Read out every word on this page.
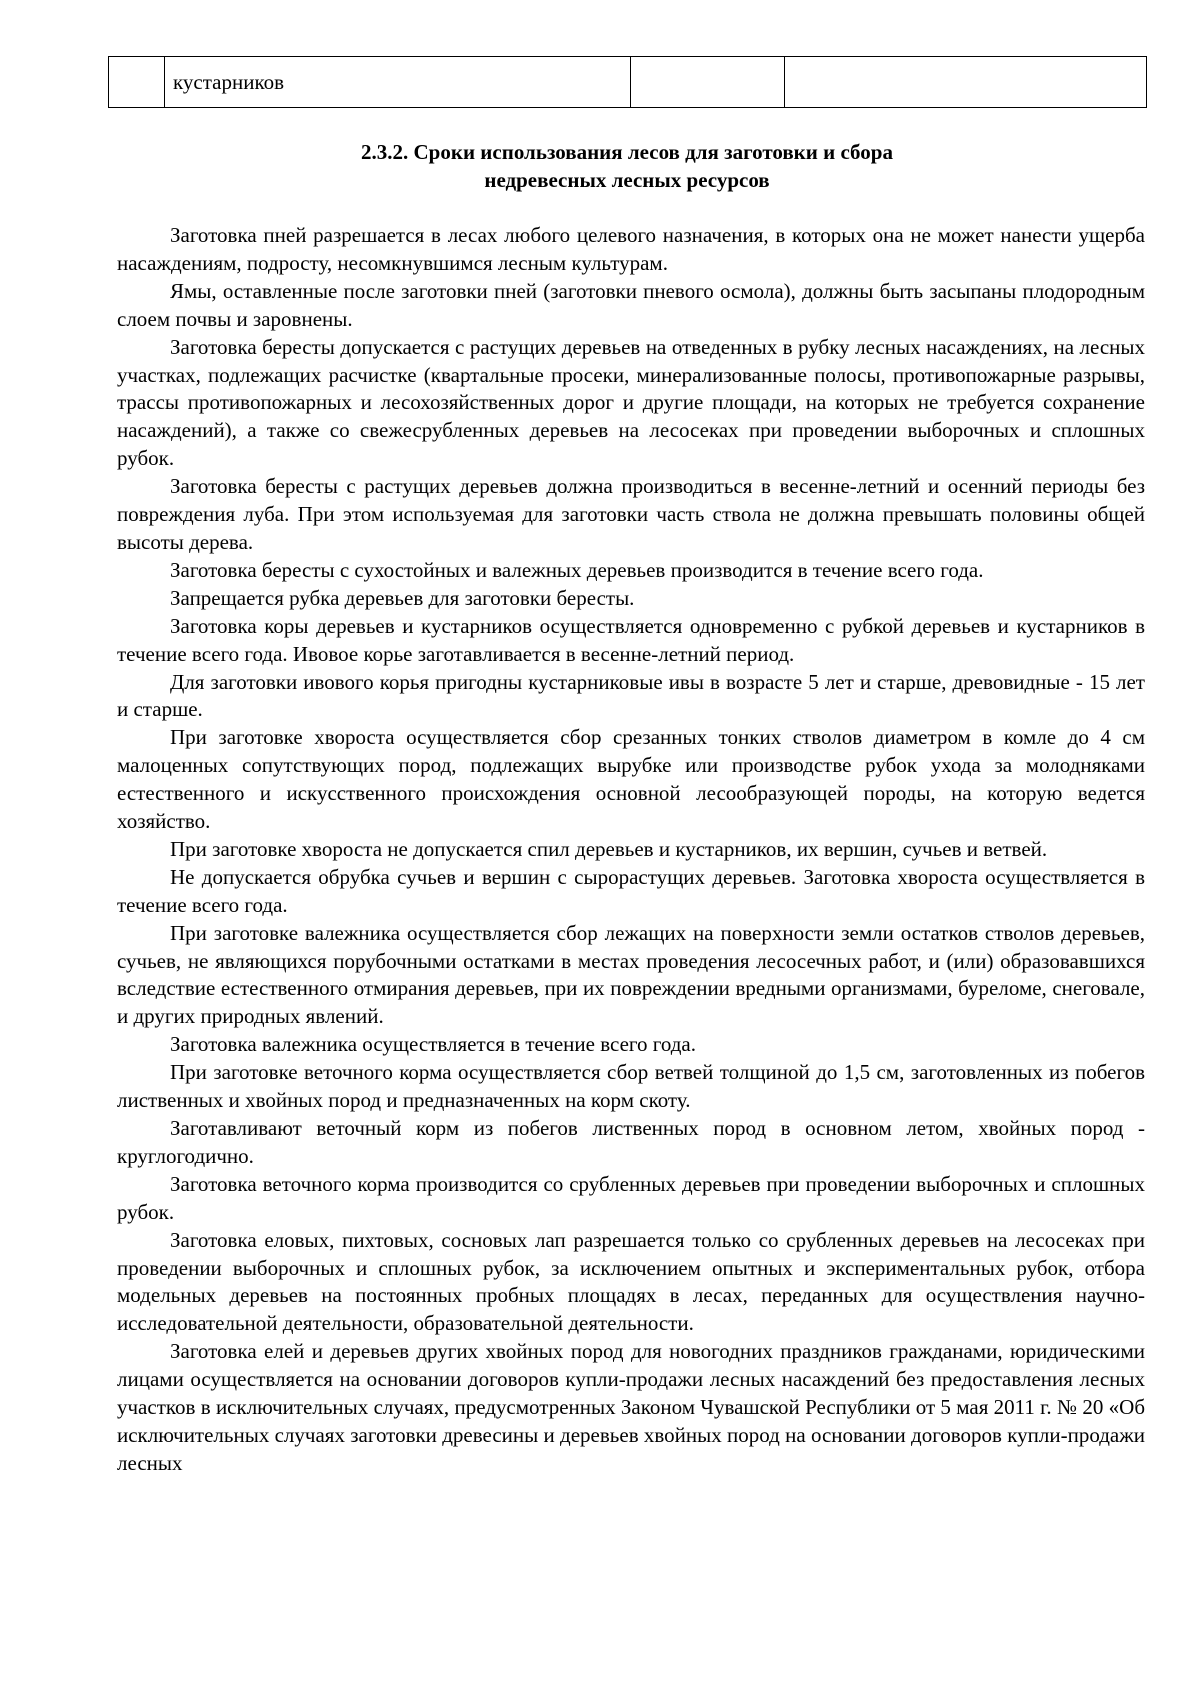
	кустарников		
2.3.2. Сроки использования лесов для заготовки и сбора
недревесных лесных ресурсов

Заготовка пней разрешается в лесах любого целевого назначения, в которых она не может нанести ущерба насаждениям, подросту, несомкнувшимся лесным культурам.

Ямы, оставленные после заготовки пней (заготовки пневого осмола), должны быть засыпаны плодородным слоем почвы и заровнены.

Заготовка бересты допускается с растущих деревьев на отведенных в рубку лесных насаждениях, на лесных участках, подлежащих расчистке (квартальные просеки, минерализованные полосы, противопожарные разрывы, трассы противопожарных и лесохозяйственных дорог и другие площади, на которых не требуется сохранение насаждений), а также со свежесрубленных деревьев на лесосеках при проведении выборочных и сплошных рубок.

Заготовка бересты с растущих деревьев должна производиться в весенне-летний и осенний периоды без повреждения луба. При этом используемая для заготовки часть ствола не должна превышать половины общей высоты дерева.

Заготовка бересты с сухостойных и валежных деревьев производится в течение всего года.

Запрещается рубка деревьев для заготовки бересты.

Заготовка коры деревьев и кустарников осуществляется одновременно с рубкой деревьев и кустарников в течение всего года. Ивовое корье заготавливается в весенне-летний период.

Для заготовки ивового корья пригодны кустарниковые ивы в возрасте 5 лет и старше, древовидные - 15 лет и старше.

При заготовке хвороста осуществляется сбор срезанных тонких стволов диаметром в комле до 4 см малоценных сопутствующих пород, подлежащих вырубке или производстве рубок ухода за молодняками естественного и искусственного происхождения основной лесообразующей породы, на которую ведется хозяйство.

При заготовке хвороста не допускается спил деревьев и кустарников, их вершин, сучьев и ветвей.

Не допускается обрубка сучьев и вершин с сырорастущих деревьев. Заготовка хвороста осуществляется в течение всего года.

При заготовке валежника осуществляется сбор лежащих на поверхности земли остатков стволов деревьев, сучьев, не являющихся порубочными остатками в местах проведения лесосечных работ, и (или) образовавшихся вследствие естественного отмирания деревьев, при их повреждении вредными организмами, буреломе, снеговале, и других природных явлений.

Заготовка валежника осуществляется в течение всего года.

При заготовке веточного корма осуществляется сбор ветвей толщиной до 1,5 см, заготовленных из побегов лиственных и хвойных пород и предназначенных на корм скоту.

Заготавливают веточный корм из побегов лиственных пород в основном летом, хвойных пород - круглогодично.

Заготовка веточного корма производится со срубленных деревьев при проведении выборочных и сплошных рубок.

Заготовка еловых, пихтовых, сосновых лап разрешается только со срубленных деревьев на лесосеках при проведении выборочных и сплошных рубок, за исключением опытных и экспериментальных рубок, отбора модельных деревьев на постоянных пробных площадях в лесах, переданных для осуществления научно-исследовательной деятельности, образовательной деятельности.

Заготовка елей и деревьев других хвойных пород для новогодних праздников гражданами, юридическими лицами осуществляется на основании договоров купли-продажи лесных насаждений без предоставления лесных участков в исключительных случаях, предусмотренных Законом Чувашской Республики от 5 мая 2011 г. № 20 «Об исключительных случаях заготовки древесины и деревьев хвойных пород на основании договоров купли-продажи лесных
